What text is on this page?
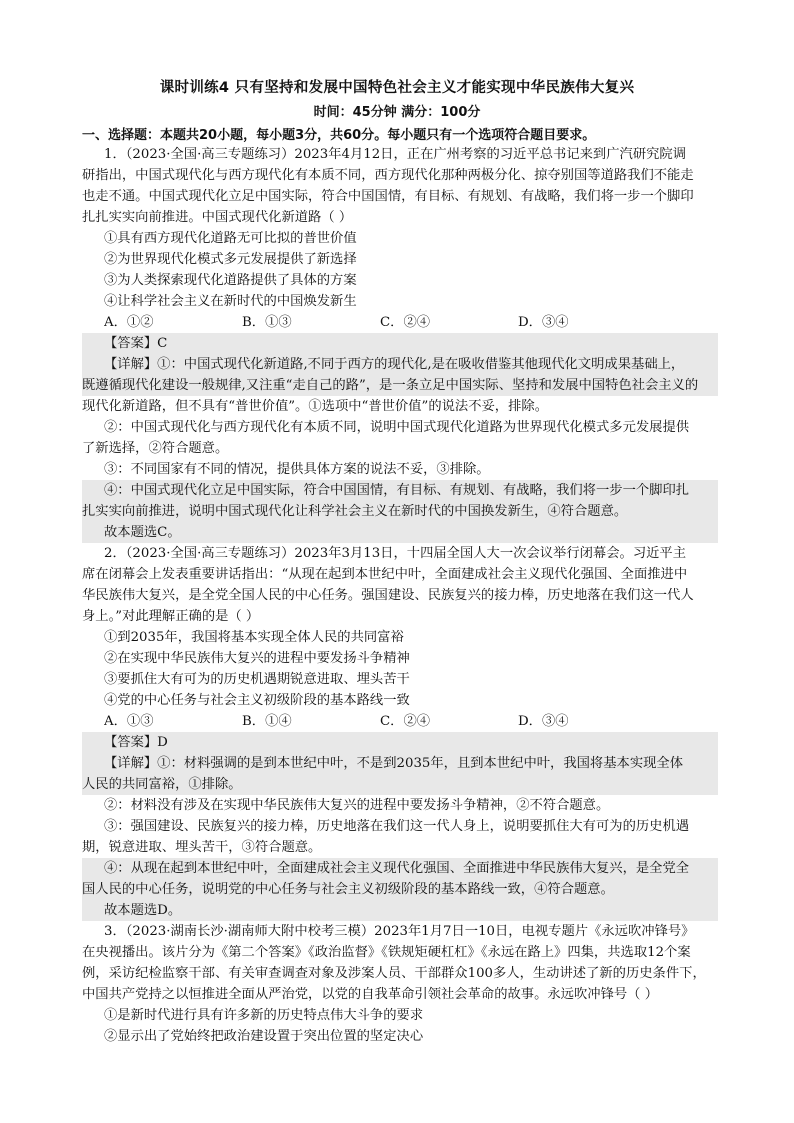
课时训练4 只有坚持和发展中国特色社会主义才能实现中华民族伟大复兴
时间：45分钟 满分：100分
一、选择题：本题共20小题，每小题3分，共60分。每小题只有一个选项符合题目要求。
1．（2023·全国·高三专题练习）2023年4月12日，正在广州考察的习近平总书记来到广汽研究院调
研指出，中国式现代化与西方现代化有本质不同，西方现代化那种两极分化、掠夺别国等道路我们不能走
也走不通。中国式现代化立足中国实际，符合中国国情，有目标、有规划、有战略，我们将一步一个脚印
扎扎实实向前推进。中国式现代化新道路（ ）
①具有西方现代化道路无可比拟的普世价值
②为世界现代化模式多元发展提供了新选择
③为人类探索现代化道路提供了具体的方案
④让科学社会主义在新时代的中国焕发新生
A．①②	B．①③	C．②④	D．③④
【答案】C
【详解】①：中国式现代化新道路,不同于西方的现代化,是在吸收借鉴其他现代化文明成果基础上，
既遵循现代化建设一般规律,又注重“走自己的路”，是一条立足中国实际、坚持和发展中国特色社会主义的
现代化新道路，但不具有“普世价值”。①选项中“普世价值”的说法不妥，排除。
②：中国式现代化与西方现代化有本质不同，说明中国式现代化道路为世界现代化模式多元发展提供
了新选择，②符合题意。
③：不同国家有不同的情况，提供具体方案的说法不妥，③排除。
④：中国式现代化立足中国实际，符合中国国情，有目标、有规划、有战略，我们将一步一个脚印扎
扎实实向前推进，说明中国式现代化让科学社会主义在新时代的中国换发新生，④符合题意。
故本题选C。
2．（2023·全国·高三专题练习）2023年3月13日，十四届全国人大一次会议举行闭幕会。习近平主
席在闭幕会上发表重要讲话指出：“从现在起到本世纪中叶，全面建成社会主义现代化强国、全面推进中
华民族伟大复兴，是全党全国人民的中心任务。强国建设、民族复兴的接力棒，历史地落在我们这一代人
身上。”对此理解正确的是（ ）
①到2035年，我国将基本实现全体人民的共同富裕
②在实现中华民族伟大复兴的进程中要发扬斗争精神
③要抓住大有可为的历史机遇期锐意进取、埋头苦干
④党的中心任务与社会主义初级阶段的基本路线一致
A．①③	B．①④	C．②④	D．③④
【答案】D
【详解】①：材料强调的是到本世纪中叶，不是到2035年，且到本世纪中叶，我国将基本实现全体
人民的共同富裕，①排除。
②：材料没有涉及在实现中华民族伟大复兴的进程中要发扬斗争精神，②不符合题意。
③：强国建设、民族复兴的接力棒，历史地落在我们这一代人身上，说明要抓住大有可为的历史机遇
期，锐意进取、埋头苦干，③符合题意。
④：从现在起到本世纪中叶，全面建成社会主义现代化强国、全面推进中华民族伟大复兴，是全党全
国人民的中心任务，说明党的中心任务与社会主义初级阶段的基本路线一致，④符合题意。
故本题选D。
3．（2023·湖南长沙·湖南师大附中校考三模）2023年1月7日一10日，电视专题片《永远吹冲锋号》
在央视播出。该片分为《第二个答案》《政治监督》《铁规矩硬杠杠》《永远在路上》四集，共选取12个案
例，采访纪检监察干部、有关审查调查对象及涉案人员、干部群众100多人，生动讲述了新的历史条件下，
中国共产党持之以恒推进全面从严治党，以党的自我革命引领社会革命的故事。永远吹冲锋号（ ）
①是新时代进行具有许多新的历史特点伟大斗争的要求
②显示出了党始终把政治建设置于突出位置的坚定决心
